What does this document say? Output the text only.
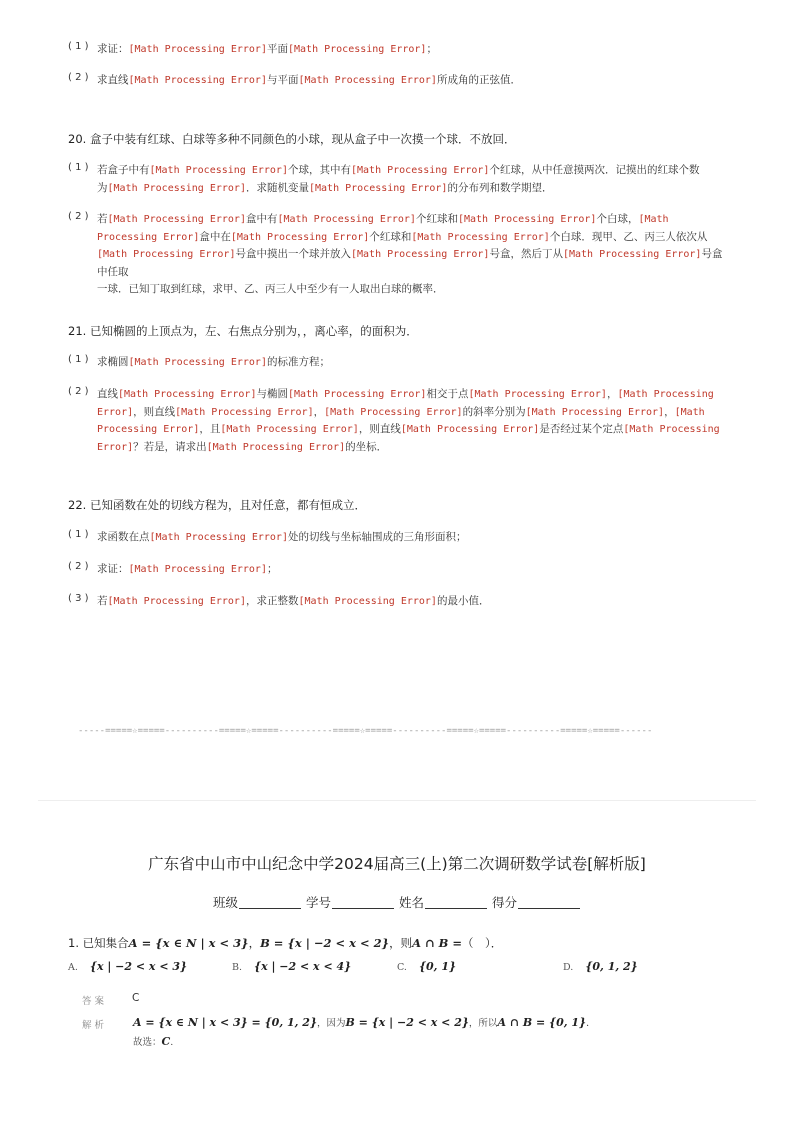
( 1 ) 求证：[Math Processing Error]平面[Math Processing Error]；
( 2 ) 求直线[Math Processing Error]与平面[Math Processing Error]所成角的正弦值．
20. 盒子中装有红球、白球等多种不同颜色的小球，现从盒子中一次摸一个球．不放回．
( 1 ) 若盒子中有[Math Processing Error]个球，其中有[Math Processing Error]个红球，从中任意摸两次．记摸出的红球个数
为[Math Processing Error]．求随机变量[Math Processing Error]的分布列和数学期望．
( 2 ) 若[Math Processing Error]盒中有[Math Processing Error]个红球和[Math Processing Error]个白球，[Math Processing Error]盒中在[Math Processing Error]个红球和[Math Processing Error]个白球．现甲、乙、丙三人依次从[Math Processing Error]号盒中摸出一个球并放入[Math Processing Error]号盒，然后丁从[Math Processing Error]号盒中任取
一球．已知丁取到红球，求甲、乙、丙三人中至少有一人取出白球的概率．
21. 已知椭圆的上顶点为，左、右焦点分别为，，离心率，的面积为．
( 1 ) 求椭圆[Math Processing Error]的标准方程；
( 2 ) 直线[Math Processing Error]与椭圆[Math Processing Error]相交于点[Math Processing Error]，[Math Processing Error]，则直线[Math Processing Error]，[Math Processing Error]的斜率分别为[Math Processing Error]，[Math Processing Error]，且[Math Processing Error]，则直线[Math Processing Error]是否经过某个定点[Math Processing Error]？若是，请求出[Math Processing Error]的坐标．
22. 已知函数在处的切线方程为，且对任意，都有恒成立．
( 1 ) 求函数在点[Math Processing Error]处的切线与坐标轴围成的三角形面积；
( 2 ) 求证：[Math Processing Error]；
( 3 ) 若[Math Processing Error]，求正整数[Math Processing Error]的最小值．
-----=====☆=====----------=====☆=====----------=====☆=====----------=====☆=====----------=====☆=====------
广东省中山市中山纪念中学2024届高三(上)第二次调研数学试卷[解析版]
班级	学号	姓名	得分
1. 已知集合A = {x ∈ N | x < 3}，B = {x | −2 < x < 2}，则A ∩ B =（　）．
A. {x | −2 < x < 3}	B. {x | −2 < x < 4}	C. {0, 1}	D. {0, 1, 2}
答案 C
解析 A = {x ∈ N | x < 3} = {0, 1, 2}，因为B = {x | −2 < x < 2}，所以A ∩ B = {0, 1}．
故选：C.
